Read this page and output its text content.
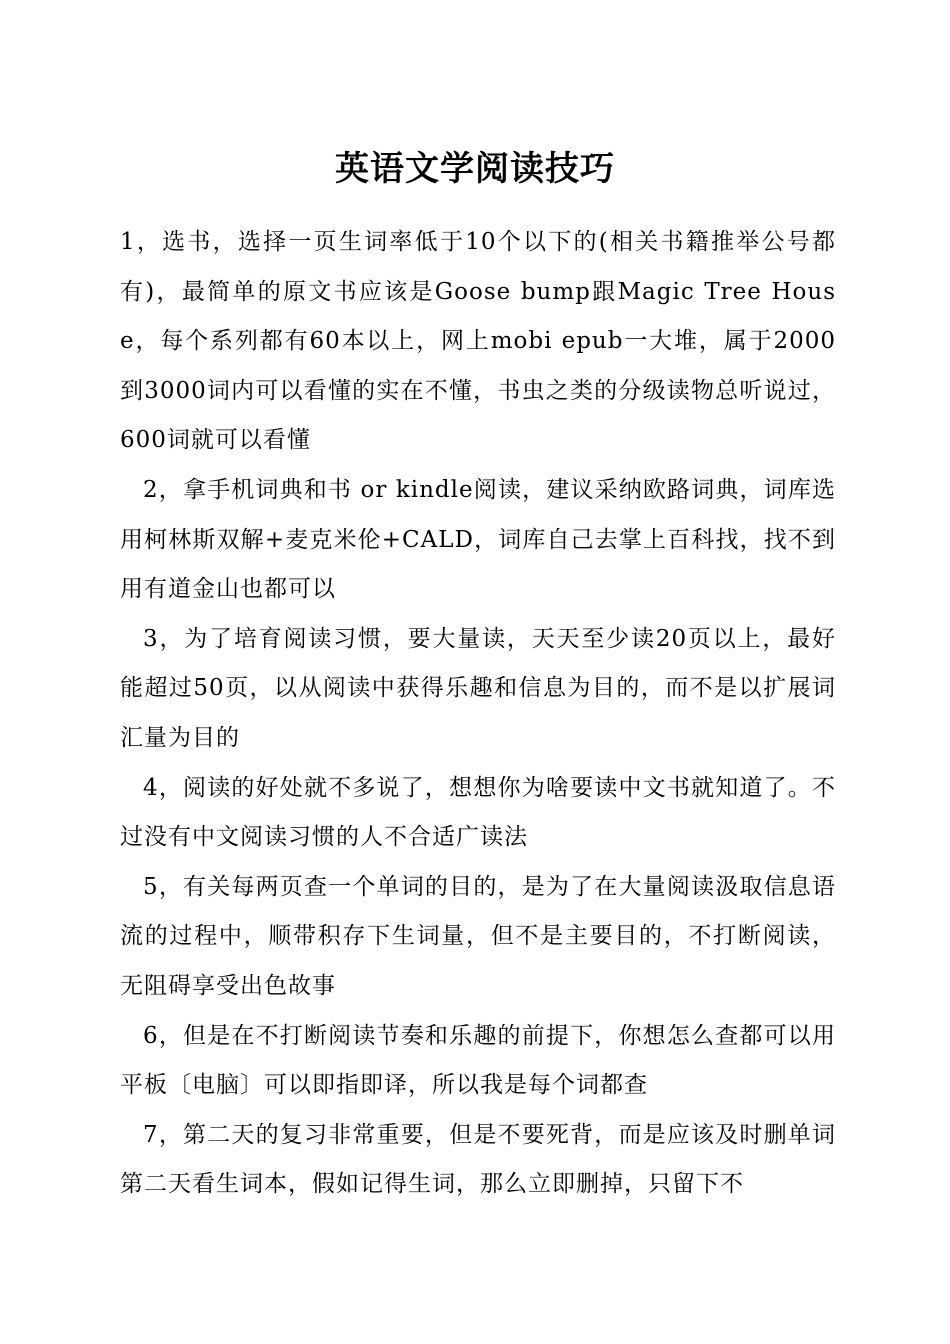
英语文学阅读技巧

1，选书，选择一页生词率低于10个以下的(相关书籍推举公号都有)，最简单的原文书应该是Goose bump跟Magic Tree House，每个系列都有60本以上，网上mobi epub一大堆，属于2000到3000词内可以看懂的实在不懂，书虫之类的分级读物总听说过，600词就可以看懂

2，拿手机词典和书 or kindle阅读，建议采纳欧路词典，词库选用柯林斯双解+麦克米伦+CALD，词库自己去掌上百科找，找不到用有道金山也都可以

3，为了培育阅读习惯，要大量读，天天至少读20页以上，最好能超过50页，以从阅读中获得乐趣和信息为目的，而不是以扩展词汇量为目的

4，阅读的好处就不多说了，想想你为啥要读中文书就知道了。不过没有中文阅读习惯的人不合适广读法

5，有关每两页查一个单词的目的，是为了在大量阅读汲取信息语流的过程中，顺带积存下生词量，但不是主要目的，不打断阅读，无阻碍享受出色故事

6，但是在不打断阅读节奏和乐趣的前提下，你想怎么查都可以用平板〔电脑〕可以即指即译，所以我是每个词都查

7，第二天的复习非常重要，但是不要死背，而是应该及时删单词第二天看生词本，假如记得生词，那么立即删掉，只留下不
